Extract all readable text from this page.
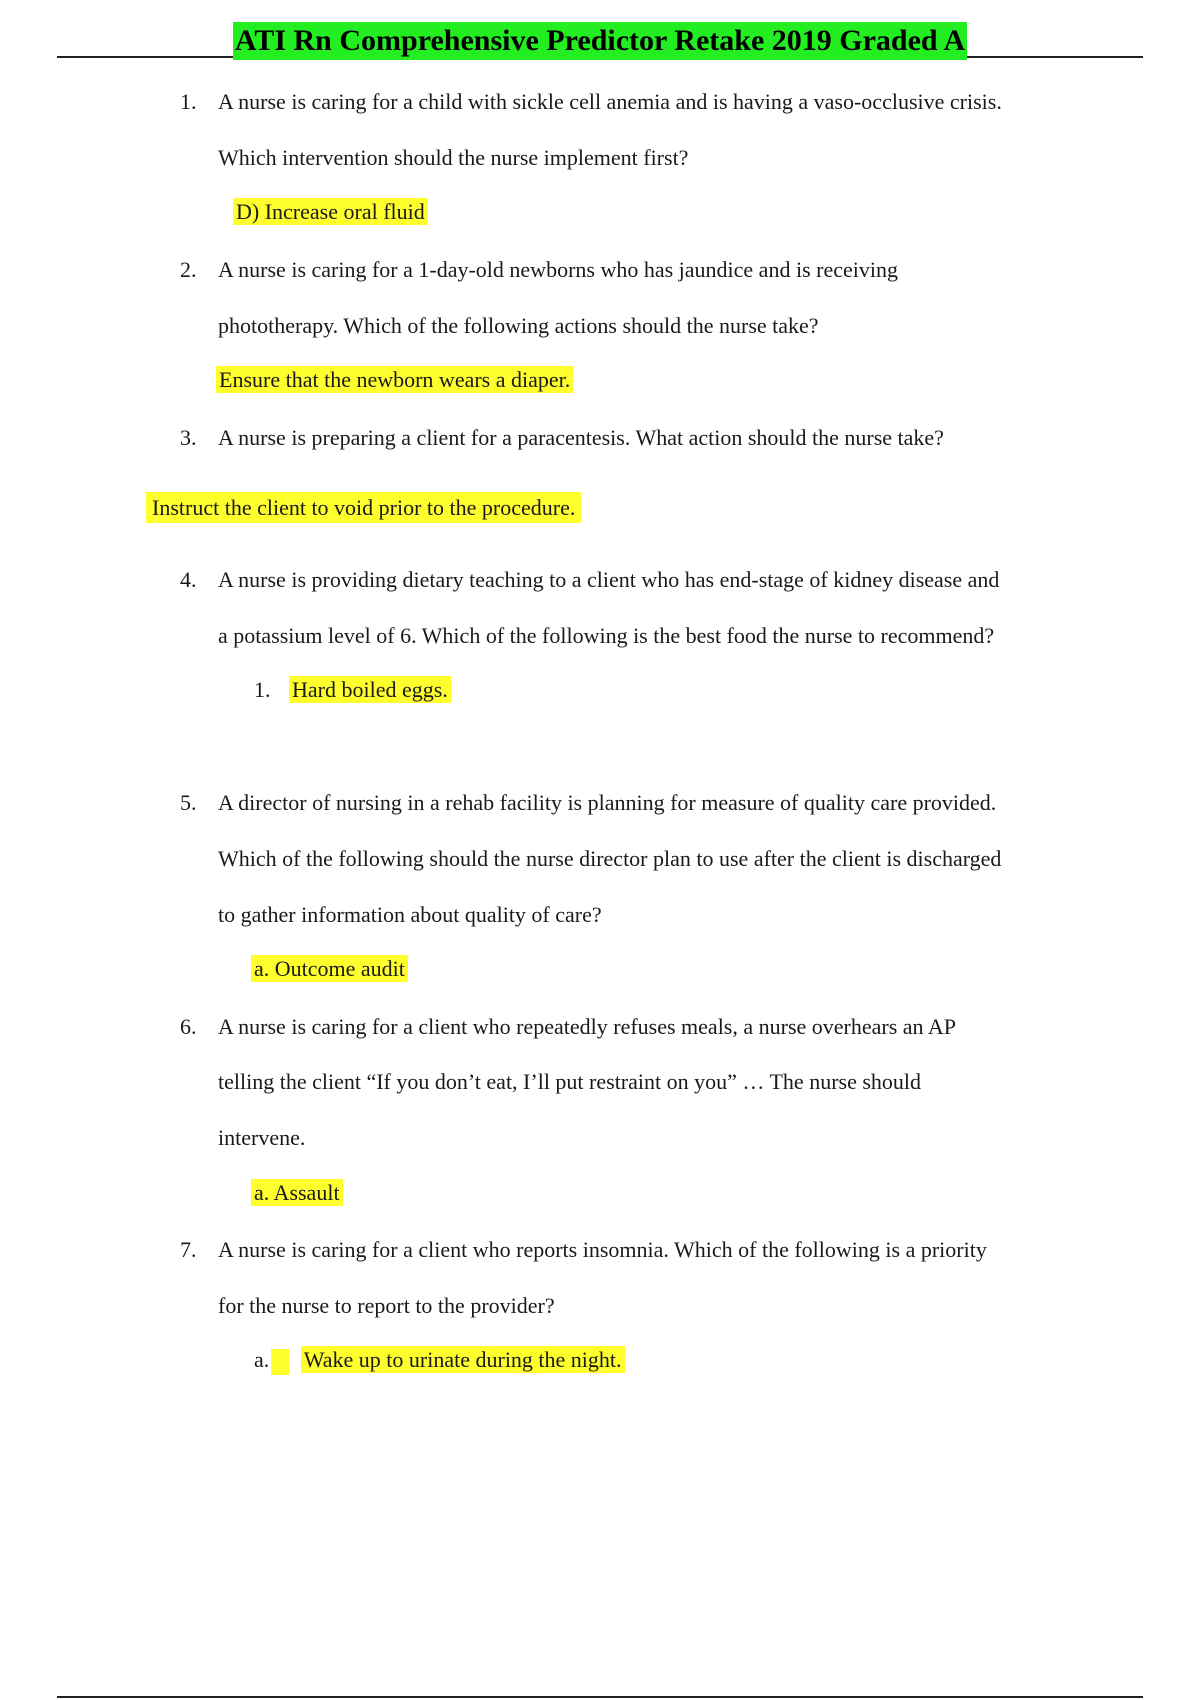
ATI Rn Comprehensive Predictor Retake 2019 Graded A
1. A nurse is caring for a child with sickle cell anemia and is having a vaso-occlusive crisis.
Which intervention should the nurse implement first?
D) Increase oral fluid
2. A nurse is caring for a 1-day-old newborns who has jaundice and is receiving
phototherapy. Which of the following actions should the nurse take?
Ensure that the newborn wears a diaper.
3. A nurse is preparing a client for a paracentesis. What action should the nurse take?
Instruct the client to void prior to the procedure.
4. A nurse is providing dietary teaching to a client who has end-stage of kidney disease and
a potassium level of 6. Which of the following is the best food the nurse to recommend?
1. Hard boiled eggs.
5. A director of nursing in a rehab facility is planning for measure of quality care provided.
Which of the following should the nurse director plan to use after the client is discharged
to gather information about quality of care?
a. Outcome audit
6. A nurse is caring for a client who repeatedly refuses meals, a nurse overhears an AP
telling the client “If you don’t eat, I’ll put restraint on you” … The nurse should
intervene.
a. Assault
7. A nurse is caring for a client who reports insomnia. Which of the following is a priority
for the nurse to report to the provider?
a. Wake up to urinate during the night.
